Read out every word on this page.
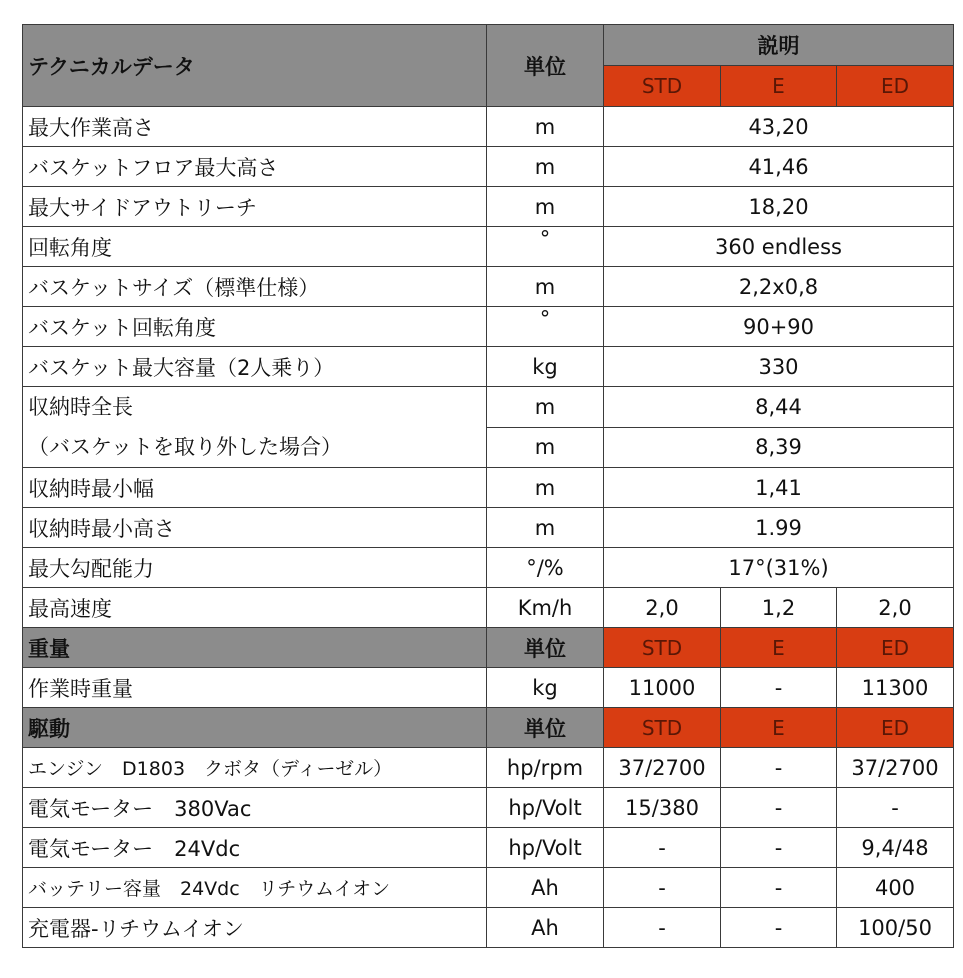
テクニカルデータ	単位	説明		
		STD	E	ED
最大作業高さ	m	43,20		
バスケットフロア最大高さ	m	41,46		
最大サイドアウトリーチ	m	18,20		
回転角度	°	360 endless		
バスケットサイズ（標準仕様）	m	2,2x0,8		
バスケット回転角度	°	90+90		
バスケット最大容量（2人乗り）	kg	330		

収納時全長
（バスケットを取り外した場合）	m	8,44		
	m	8,39		
収納時最小幅	m	1,41		
収納時最小高さ	m	1.99		
最大勾配能力	°/%	17°(31%)		
最高速度	Km/h	2,0	1,2	2,0
重量	単位	STD	E	ED
作業時重量	kg	11000	-	11300
駆動	単位	STD	E	ED
エンジン　D1803　クボタ（ディーゼル）	hp/rpm	37/2700	-	37/2700
電気モーター　380Vac	hp/Volt	15/380	-	-
電気モーター　24Vdc	hp/Volt	-	-	9,4/48
バッテリー容量　24Vdc　リチウムイオン	Ah	-	-	400
充電器-リチウムイオン	Ah	-	-	100/50
